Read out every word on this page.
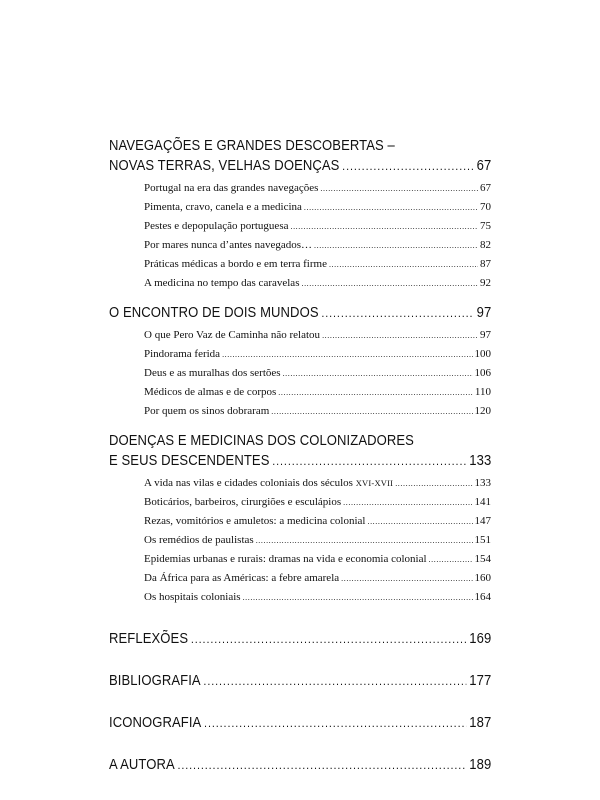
NAVEGAÇÕES E GRANDES DESCOBERTAS –
NOVAS TERRAS, VELHAS DOENÇAS .....	67
Portugal na era das grandes navegações .....	67
Pimenta, cravo, canela e a medicina .....	70
Pestes e depopulação portuguesa .....	75
Por mares nunca d’antes navegados… .....	82
Práticas médicas a bordo e em terra firme .....	87
A medicina no tempo das caravelas .....	92
O ENCONTRO DE DOIS MUNDOS .....	97
O que Pero Vaz de Caminha não relatou .....	97
Pindorama ferida .....	100
Deus e as muralhas dos sertões .....	106
Médicos de almas e de corpos .....	110
Por quem os sinos dobraram .....	120
DOENÇAS E MEDICINAS DOS COLONIZADORES
E SEUS DESCENDENTES .....	133
A vida nas vilas e cidades coloniais dos séculos XVI-XVII .....	133
Boticários, barbeiros, cirurgiões e esculápios .....	141
Rezas, vomitórios e amuletos: a medicina colonial .....	147
Os remédios de paulistas .....	151
Epidemias urbanas e rurais: dramas na vida e economia colonial .....	154
Da África para as Américas: a febre amarela .....	160
Os hospitais coloniais .....	164
REFLEXÕES .....	169
BIBLIOGRAFIA .....	177
ICONOGRAFIA .....	187
A AUTORA .....	189
